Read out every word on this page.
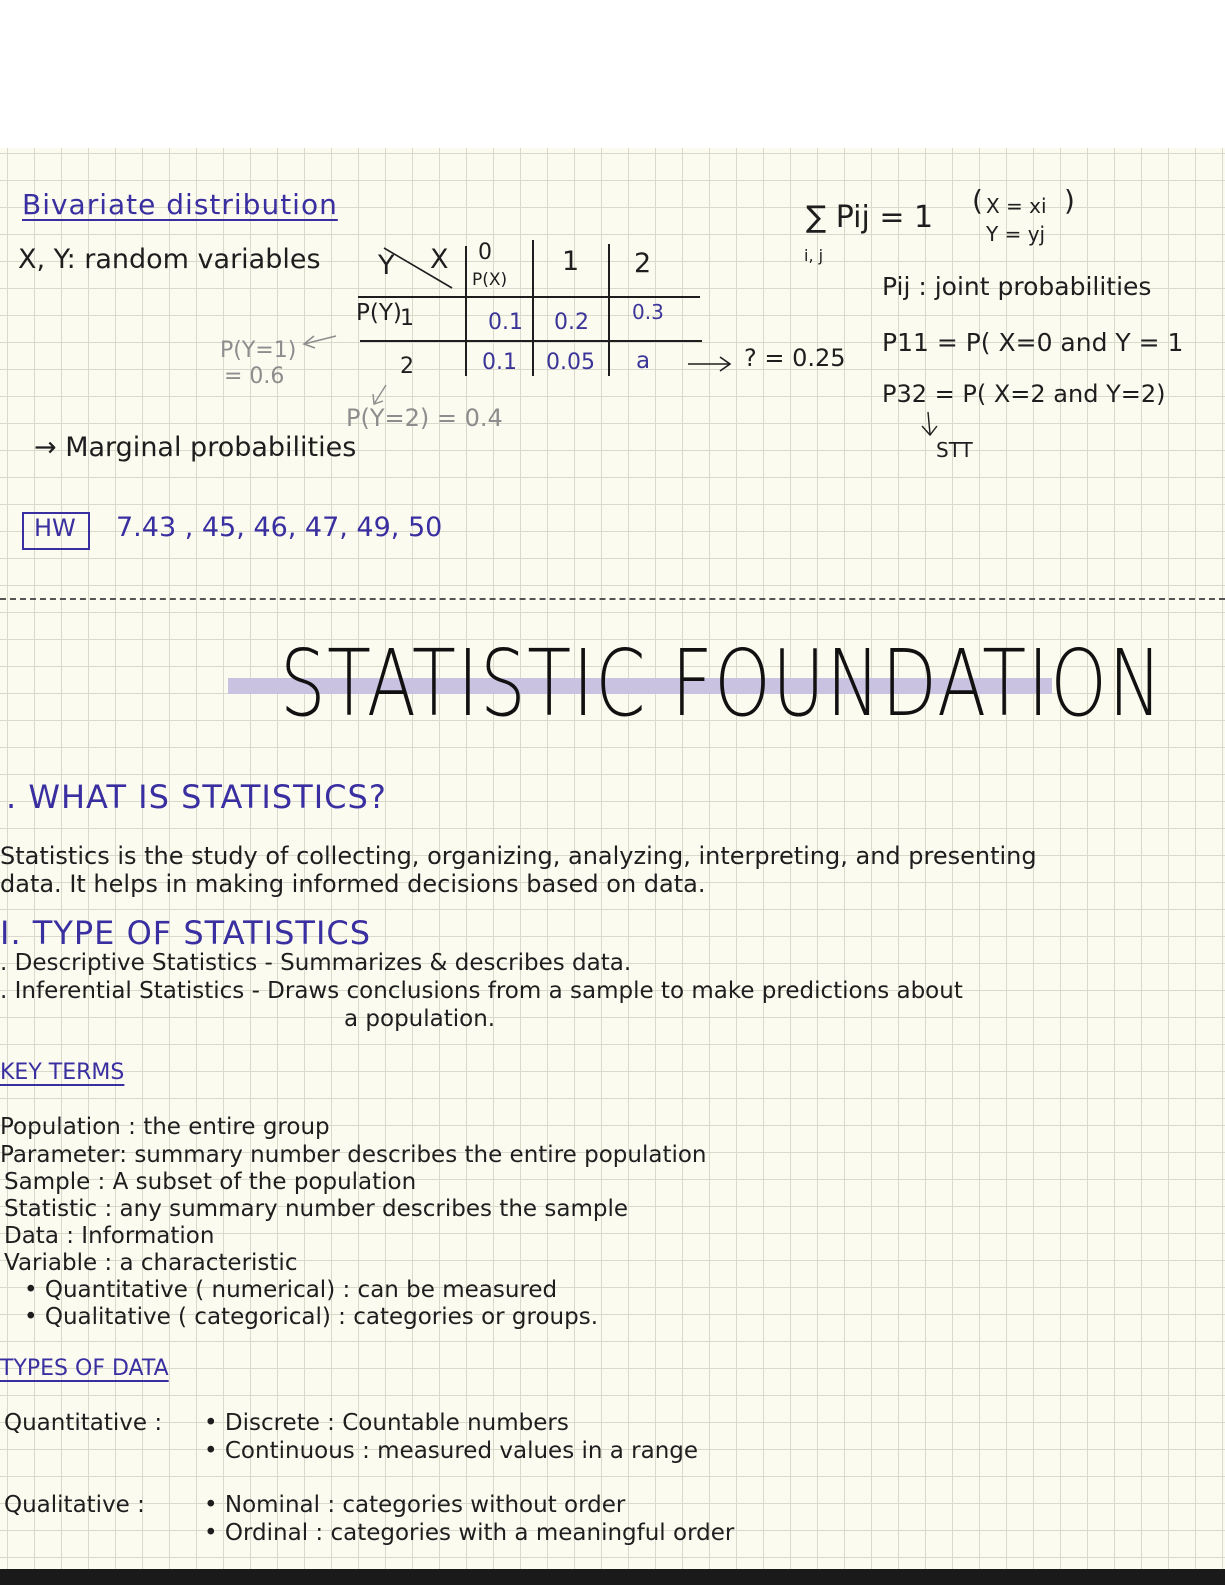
Bivariate distribution
X, Y: random variables Y X 0	1 2
P(X)
P(Y)
1
2
0.1 0.2 0.3
0.1 0.05 a
P(Y=1)
= 0.6
P(Y=2) = 0.4
? = 0.25
→ Marginal probabilities
∑ Pij = 1
i, j
( X = xi
Y = yj
)
Pij : joint probabilities
P11 = P( X=0 and Y = 1
P32 = P( X=2 and Y=2)
STT
HW 7.43 , 45, 46, 47, 49, 50
STATISTIC FOUNDATION
. WHAT IS STATISTICS?
Statistics is the study of collecting, organizing, analyzing, interpreting, and presenting
data. It helps in making informed decisions based on data.
I. TYPE OF STATISTICS
. Descriptive Statistics - Summarizes & describes data.
. Inferential Statistics - Draws conclusions from a sample to make predictions about
a population.
KEY TERMS
Population : the entire group
Parameter: summary number describes the entire population
Sample : A subset of the population
Statistic : any summary number describes the sample
Data : Information
Variable : a characteristic
• Quantitative ( numerical) : can be measured
• Qualitative ( categorical) : categories or groups.
TYPES OF DATA
Quantitative : • Discrete : Countable numbers
• Continuous : measured values in a range
Qualitative :	• Nominal : categories without order
• Ordinal : categories with a meaningful order
